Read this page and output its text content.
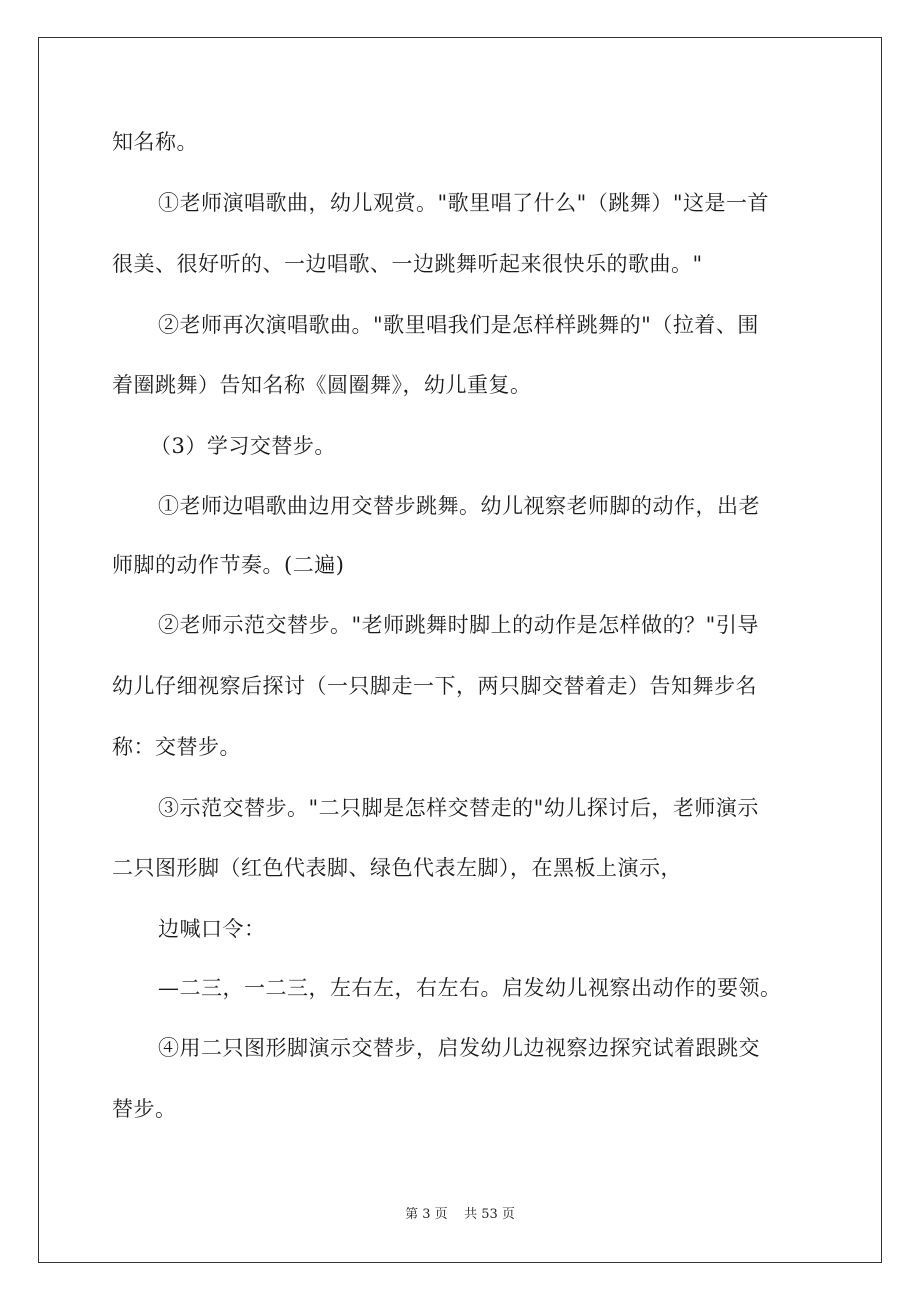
知名称。
①老师演唱歌曲，幼儿观赏。"歌里唱了什么"（跳舞）"这是一首
很美、很好听的、一边唱歌、一边跳舞听起来很快乐的歌曲。"
②老师再次演唱歌曲。"歌里唱我们是怎样样跳舞的"（拉着、围
着圈跳舞）告知名称《圆圈舞》，幼儿重复。
（3）学习交替步。
①老师边唱歌曲边用交替步跳舞。幼儿视察老师脚的动作，出老
师脚的动作节奏。(二遍)
②老师示范交替步。"老师跳舞时脚上的动作是怎样做的？"引导
幼儿仔细视察后探讨（一只脚走一下，两只脚交替着走）告知舞步名
称：交替步。
③示范交替步。"二只脚是怎样交替走的"幼儿探讨后，老师演示
二只图形脚（红色代表脚、绿色代表左脚），在黑板上演示，
边喊口令：
—二三，一二三，左右左，右左右。启发幼儿视察出动作的要领。
④用二只图形脚演示交替步，启发幼儿边视察边探究试着跟跳交
替步。
第 3 页    共 53 页
